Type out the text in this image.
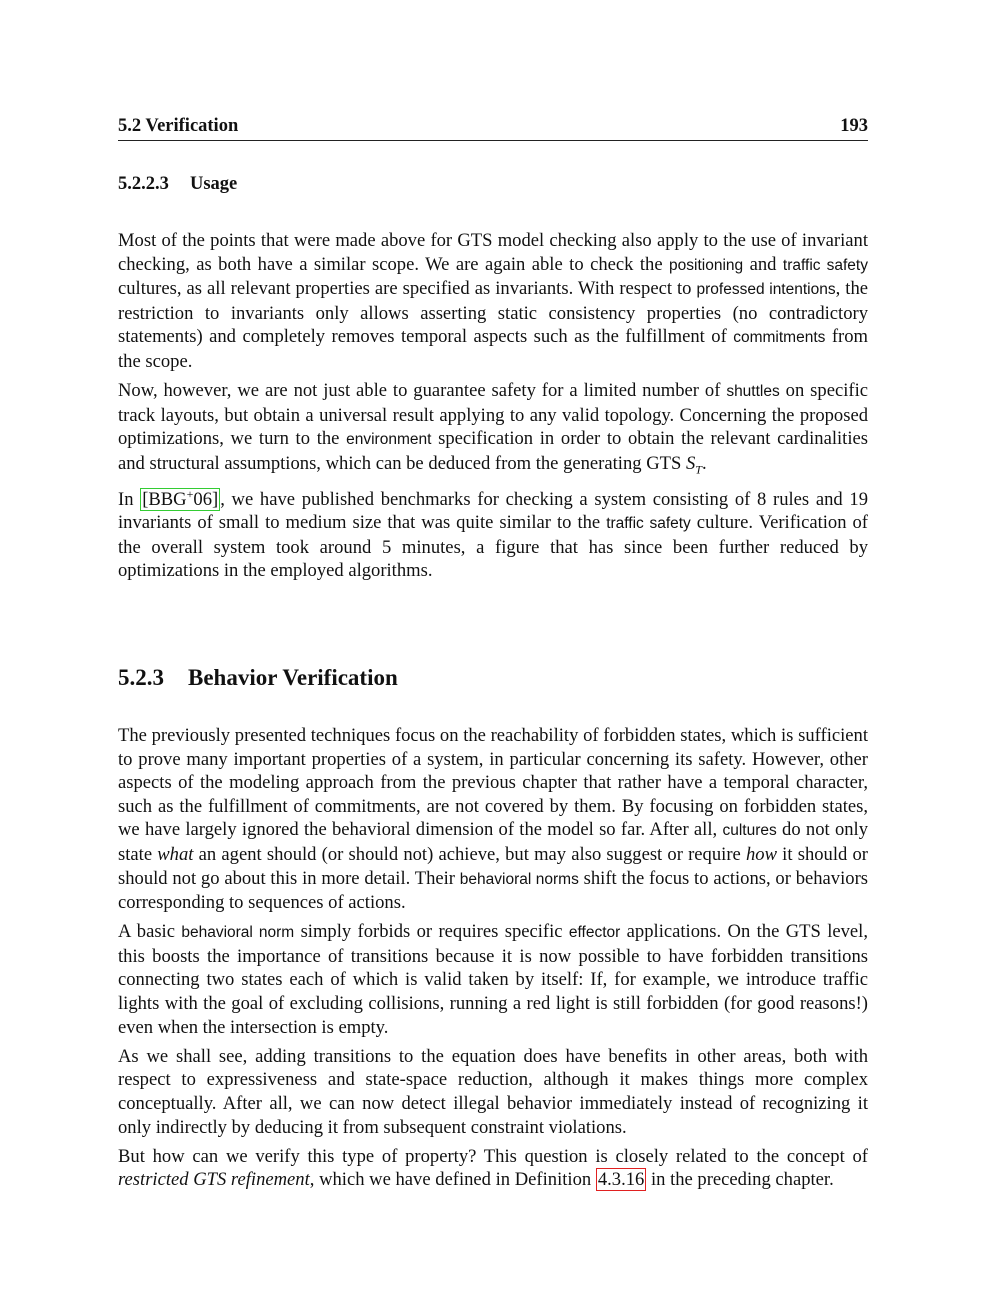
5.2 Verification	193
5.2.2.3 Usage

Most of the points that were made above for GTS model checking also apply to the use of invariant checking, as both have a similar scope. We are again able to check the positioning and traffic safety cultures, as all relevant properties are specified as invariants. With respect to professed intentions, the restriction to invariants only allows asserting static consistency properties (no contradictory statements) and completely removes temporal aspects such as the fulfillment of commitments from the scope.

Now, however, we are not just able to guarantee safety for a limited number of shuttles on specific track layouts, but obtain a universal result applying to any valid topology. Concerning the proposed optimizations, we turn to the environment specification in order to obtain the relevant cardinalities and structural assumptions, which can be deduced from the generating GTS $S_T$.

In [BBG+06] , we have published benchmarks for checking a system consisting of 8 rules and 19 invariants of small to medium size that was quite similar to the traffic safety culture. Verification of the overall system took around 5 minutes, a figure that has since been further reduced by optimizations in the employed algorithms.

5.2.3 Behavior Verification

The previously presented techniques focus on the reachability of forbidden states, which is sufficient to prove many important properties of a system, in particular concerning its safety. However, other aspects of the modeling approach from the previous chapter that rather have a temporal character, such as the fulfillment of commitments, are not covered by them. By focusing on forbidden states, we have largely ignored the behavioral dimension of the model so far. After all, cultures do not only state what an agent should (or should not) achieve, but may also suggest or require how it should or should not go about this in more detail. Their behavioral norms shift the focus to actions, or behaviors corresponding to sequences of actions.

A basic behavioral norm simply forbids or requires specific effector applications. On the GTS level, this boosts the importance of transitions because it is now possible to have forbidden transitions connecting two states each of which is valid taken by itself: If, for example, we introduce traffic lights with the goal of excluding collisions, running a red light is still forbidden (for good reasons!) even when the intersection is empty.

As we shall see, adding transitions to the equation does have benefits in other areas, both with respect to expressiveness and state-space reduction, although it makes things more complex conceptually. After all, we can now detect illegal behavior immediately instead of recognizing it only indirectly by deducing it from subsequent constraint violations.

But how can we verify this type of property? This question is closely related to the concept of restricted GTS refinement, which we have defined in Definition 4.3.16 in the preceding chapter.
